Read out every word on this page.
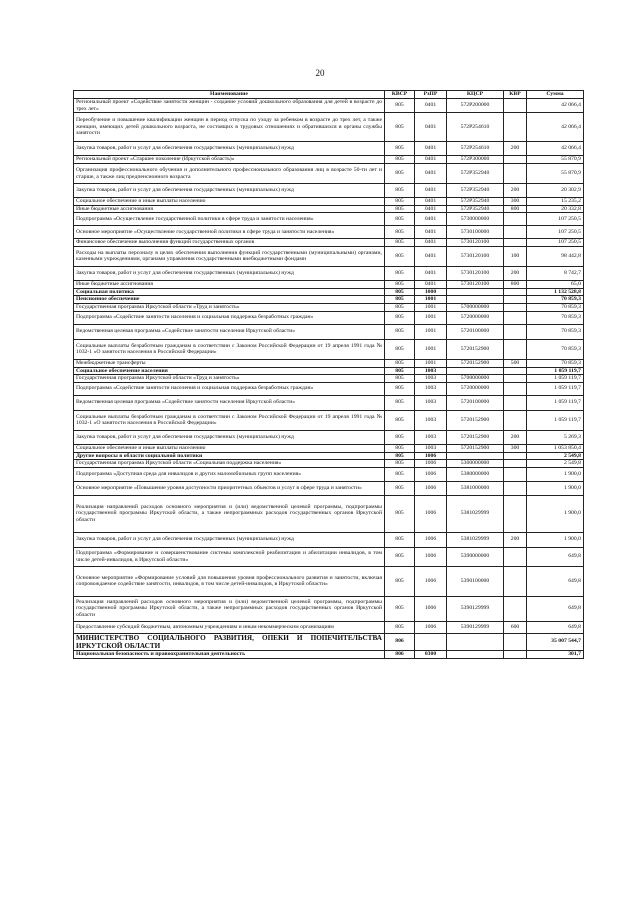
20
Наименование	КВСР	РзПР	КЦСР	КВР	Сумма
Региональный проект «Содействие занятости женщин - создание условий дошкольного образования для детей в возрасте до трех лет»	805	0401	572P200000		42 066,4
Переобучение и повышение квалификации женщин в период отпуска по уходу за ребенком в возрасте до трех лет, а также женщин, имеющих детей дошкольного возраста, не состоящих в трудовых отношениях и обратившихся в органы службы занятости	805	0401	572P254610		42 066,4
Закупка товаров, работ и услуг для обеспечения государственных (муниципальных) нужд	805	0401	572P254610	200	42 066,4
Региональный проект «Старшее поколение (Иркутской область)»	805	0401	572P300000		55 870,9
Организация профессионального обучения и дополнительного профессионального образования лиц в возрасте 50-ти лет и старше, а также лиц предпенсионного возраста	805	0401	572P352940		55 870,9
Закупка товаров, работ и услуг для обеспечения государственных (муниципальных) нужд	805	0401	572P352940	200	20 302,9
Социальное обеспечение и иные выплаты населению	805	0401	572P352940	300	15 235,2
Иные бюджетные ассигнования	805	0401	572P352940	800	20 332,8
Подпрограмма «Осуществление государственной политики в сфере труда и занятости населения»	805	0401	5730000000		107 250,5
Основное мероприятие «Осуществление государственной политики в сфере труда и занятости населения»	805	0401	5730100000		107 250,5
Финансовое обеспечение выполнения функций государственных органов	805	0401	5730120100		107 250,5
Расходы на выплаты персоналу в целях обеспечения выполнения функций государственными (муниципальными) органами, казенными учреждениями, органами управления государственными внебюджетными фондами	805	0401	5730120100	100	98 442,8
Закупка товаров, работ и услуг для обеспечения государственных (муниципальных) нужд	805	0401	5730120100	200	8 742,7
Иные бюджетные ассигнования	805	0401	5730120100	800	65,0
Социальная политика	805	1000			1 132 528,8
Пенсионное обеспечение	805	1001			70 859,3
Государственная программа Иркутской области «Труд и занятость»	805	1001	5700000000		70 859,3
Подпрограмма «Содействие занятости населения и социальная поддержка безработных граждан»	805	1001	5720000000		70 859,3
Ведомственная целевая программа «Содействие занятости населения Иркутской области»	805	1001	5720100000		70 859,3
Социальные выплаты безработным гражданам в соответствии с Законом Российской Федерации от 19 апреля 1991 года № 1032-1 «О занятости населения в Российской Федерации»	805	1001	5720152900		70 859,3
Межбюджетные трансферты	805	1001	5720152900	500	70 859,3
Социальное обеспечение населения	805	1003			1 059 119,7
Государственная программа Иркутской области «Труд и занятость»	805	1003	5700000000		1 059 119,7
Подпрограмма «Содействие занятости населения и социальная поддержка безработных граждан»	805	1003	5720000000		1 059 119,7
Ведомственная целевая программа «Содействие занятости населения Иркутской области»	805	1003	5720100000		1 059 119,7
Социальные выплаты безработным гражданам в соответствии с Законом Российской Федерации от 19 апреля 1991 года № 1032-1 «О занятости населения в Российской Федерации»	805	1003	5720152900		1 059 119,7
Закупка товаров, работ и услуг для обеспечения государственных (муниципальных) нужд	805	1003	5720152900	200	5 269,3
Социальное обеспечение и иные выплаты населению	805	1003	5720152900	300	1 053 850,4
Другие вопросы в области социальной политики	805	1006			2 549,8
Государственная программа Иркутской области «Социальная поддержка населения»	805	1006	5300000000		2 549,8
Подпрограмма «Доступная среда для инвалидов и других маломобильных групп населения»	805	1006	5380000000		1 900,0
Основное мероприятие «Повышение уровня доступности приоритетных объектов и услуг в сфере труда и занятости»	805	1006	5381000000		1 900,0
Реализация направлений расходов основного мероприятия и (или) ведомственной целевой программы, подпрограммы государственной программы Иркутской области, а также непрограммных расходов государственных органов Иркутской области	805	1006	5381029999		1 900,0
Закупка товаров, работ и услуг для обеспечения государственных (муниципальных) нужд	805	1006	5381029999	200	1 900,0
Подпрограмма «Формирование и совершенствование системы комплексной реабилитации и абилитации инвалидов, в том числе детей-инвалидов, в Иркутской области»	805	1006	5390000000		649,8
Основное мероприятие «Формирование условий для повышения уровня профессионального развития и занятости, включая сопровождаемое содействие занятости, инвалидов, в том числе детей-инвалидов, в Иркутской области»	805	1006	5390100000		649,8
Реализация направлений расходов основного мероприятия и (или) ведомственной целевой программы, подпрограммы государственной программы Иркутской области, а также непрограммных расходов государственных органов Иркутской области	805	1006	5390129999		649,8
Предоставление субсидий бюджетным, автономным учреждениям и иным некоммерческим организациям	805	1006	5390129999	600	649,8
МИНИСТЕРСТВО СОЦИАЛЬНОГО РАЗВИТИЯ, ОПЕКИ И ПОПЕЧИТЕЛЬСТВА ИРКУТСКОЙ ОБЛАСТИ	806				35 007 544,7
Национальная безопасность и правоохранительная деятельность	806	0300			301,7
